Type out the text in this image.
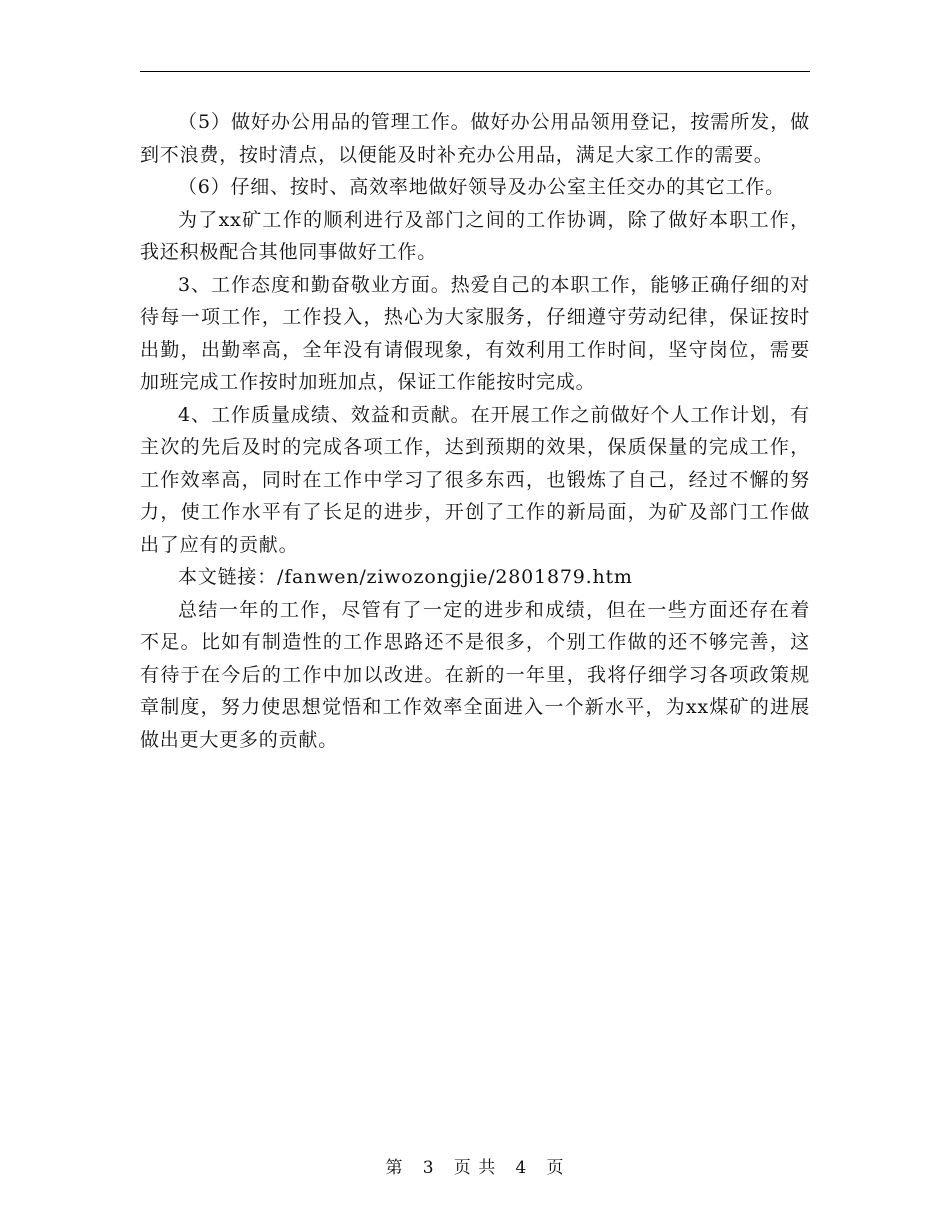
（5）做好办公用品的管理工作。做好办公用品领用登记，按需所发，做到不浪费，按时清点，以便能及时补充办公用品，满足大家工作的需要。

（6）仔细、按时、高效率地做好领导及办公室主任交办的其它工作。

为了xx矿工作的顺利进行及部门之间的工作协调，除了做好本职工作，我还积极配合其他同事做好工作。

3、工作态度和勤奋敬业方面。热爱自己的本职工作，能够正确仔细的对待每一项工作，工作投入，热心为大家服务，仔细遵守劳动纪律，保证按时出勤，出勤率高，全年没有请假现象，有效利用工作时间，坚守岗位，需要加班完成工作按时加班加点，保证工作能按时完成。

4、工作质量成绩、效益和贡献。在开展工作之前做好个人工作计划，有主次的先后及时的完成各项工作，达到预期的效果，保质保量的完成工作，工作效率高，同时在工作中学习了很多东西，也锻炼了自己，经过不懈的努力，使工作水平有了长足的进步，开创了工作的新局面，为矿及部门工作做出了应有的贡献。

本文链接：/fanwen/ziwozongjie/2801879.htm

总结一年的工作，尽管有了一定的进步和成绩，但在一些方面还存在着不足。比如有制造性的工作思路还不是很多，个别工作做的还不够完善，这有待于在今后的工作中加以改进。在新的一年里，我将仔细学习各项政策规章制度，努力使思想觉悟和工作效率全面进入一个新水平，为xx煤矿的进展做出更大更多的贡献。

第 3 页 共 4 页
